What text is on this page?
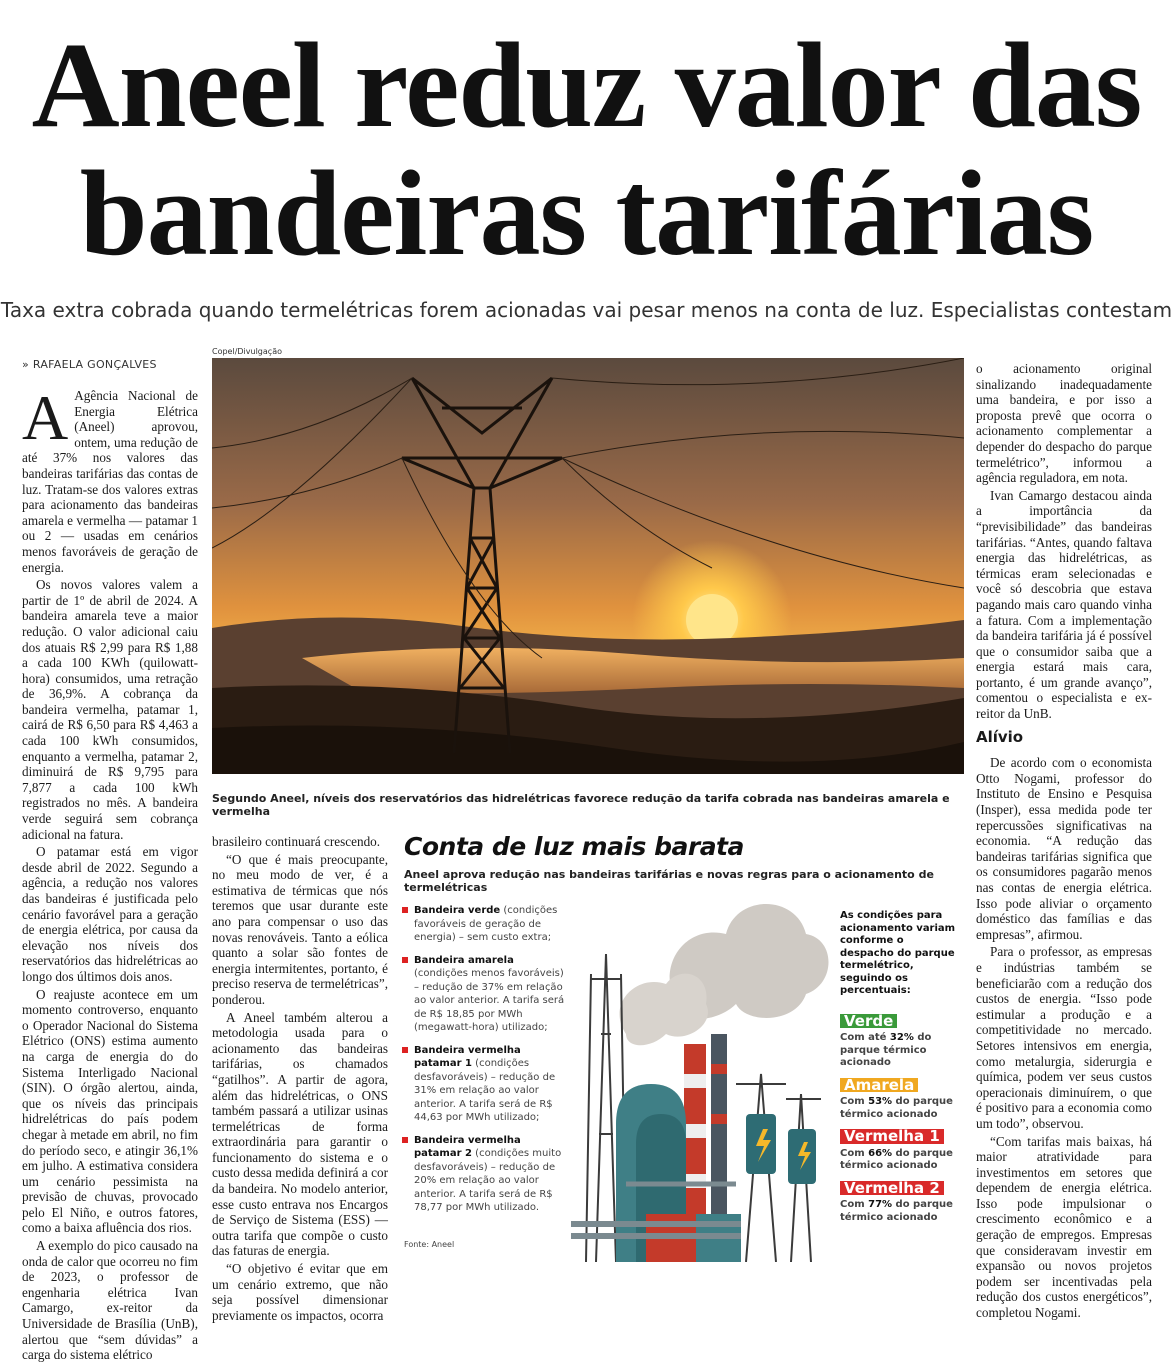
Aneel reduz valor das bandeiras tarifárias
Taxa extra cobrada quando termelétricas forem acionadas vai pesar menos na conta de luz. Especialistas contestam
» RAFAELA GONÇALVES

A Agência Nacional de Energia Elétrica (Aneel) aprovou, ontem, uma redução de até 37% nos valores das bandeiras tarifárias das contas de luz. Tratam-se dos valores extras para acionamento das bandeiras amarela e vermelha — patamar 1 ou 2 — usadas em cenários menos favoráveis de geração de energia.

Os novos valores valem a partir de 1º de abril de 2024. A bandeira amarela teve a maior redução. O valor adicional caiu dos atuais R$ 2,99 para R$ 1,88 a cada 100 KWh (quilowatt-hora) consumidos, uma retração de 36,9%. A cobrança da bandeira vermelha, patamar 1, cairá de R$ 6,50 para R$ 4,463 a cada 100 kWh consumidos, enquanto a vermelha, patamar 2, diminuirá de R$ 9,795 para 7,877 a cada 100 kWh registrados no mês. A bandeira verde seguirá sem cobrança adicional na fatura.

O patamar está em vigor desde abril de 2022. Segundo a agência, a redução nos valores das bandeiras é justificada pelo cenário favorável para a geração de energia elétrica, por causa da elevação nos níveis dos reservatórios das hidrelétricas ao longo dos últimos dois anos.

O reajuste acontece em um momento controverso, enquanto o Operador Nacional do Sistema Elétrico (ONS) estima aumento na carga de energia do do Sistema Interligado Nacional (SIN). O órgão alertou, ainda, que os níveis das principais hidrelétricas do país podem chegar à metade em abril, no fim do período seco, e atingir 36,1% em julho. A estimativa considera um cenário pessimista na previsão de chuvas, provocado pelo El Niño, e outros fatores, como a baixa afluência dos rios.

A exemplo do pico causado na onda de calor que ocorreu no fim de 2023, o professor de engenharia elétrica Ivan Camargo, ex-reitor da Universidade de Brasília (UnB), alertou que “sem dúvidas” a carga do sistema elétrico

Copel/Divulgação
Segundo Aneel, níveis dos reservatórios das hidrelétricas favorece redução da tarifa cobrada nas bandeiras amarela e vermelha

brasileiro continuará crescendo.

“O que é mais preocupante, no meu modo de ver, é a estimativa de térmicas que nós teremos que usar durante este ano para compensar o uso das novas renováveis. Tanto a eólica quanto a solar são fontes de energia intermitentes, portanto, é preciso reserva de termelétricas”, ponderou.

A Aneel também alterou a metodologia usada para o acionamento das bandeiras tarifárias, os chamados “gatilhos”. A partir de agora, além das hidrelétricas, o ONS também passará a utilizar usinas termelétricas de forma extraordinária para garantir o funcionamento do sistema e o custo dessa medida definirá a cor da bandeira. No modelo anterior, esse custo entrava nos Encargos de Serviço de Sistema (ESS) — outra tarifa que compõe o custo das faturas de energia.

“O objetivo é evitar que em um cenário extremo, que não seja possível dimensionar previamente os impactos, ocorra

Conta de luz mais barata
Aneel aprova redução nas bandeiras tarifárias e novas regras para o acionamento de termelétricas
Bandeira verde (condições favoráveis de geração de energia) – sem custo extra;
Bandeira amarela (condições menos favoráveis) – redução de 37% em relação ao valor anterior. A tarifa será de R$ 18,85 por MWh (megawatt-hora) utilizado;
Bandeira vermelha patamar 1 (condições desfavoráveis) – redução de 31% em relação ao valor anterior. A tarifa será de R$ 44,63 por MWh utilizado;
Bandeira vermelha patamar 2 (condições muito desfavoráveis) – redução de 20% em relação ao valor anterior. A tarifa será de R$ 78,77 por MWh utilizado.
As condições para acionamento variam conforme o despacho do parque termelétrico, seguindo os percentuais:
Verde
Com até 32% do parque térmico acionado
Amarela
Com 53% do parque térmico acionado
Vermelha 1
Com 66% do parque térmico acionado
Vermelha 2
Com 77% do parque térmico acionado
Fonte: Aneel

o acionamento original sinalizando inadequadamente uma bandeira, e por isso a proposta prevê que ocorra o acionamento complementar a depender do despacho do parque termelétrico”, informou a agência reguladora, em nota.

Ivan Camargo destacou ainda a importância da “previsibilidade” das bandeiras tarifárias. “Antes, quando faltava energia das hidrelétricas, as térmicas eram selecionadas e você só descobria que estava pagando mais caro quando vinha a fatura. Com a implementação da bandeira tarifária já é possível que o consumidor saiba que a energia estará mais cara, portanto, é um grande avanço”, comentou o especialista e ex-reitor da UnB.

Alívio

De acordo com o economista Otto Nogami, professor do Instituto de Ensino e Pesquisa (Insper), essa medida pode ter repercussões significativas na economia. “A redução das bandeiras tarifárias significa que os consumidores pagarão menos nas contas de energia elétrica. Isso pode aliviar o orçamento doméstico das famílias e das empresas”, afirmou.

Para o professor, as empresas e indústrias também se beneficiarão com a redução dos custos de energia. “Isso pode estimular a produção e a competitividade no mercado. Setores intensivos em energia, como metalurgia, siderurgia e química, podem ver seus custos operacionais diminuírem, o que é positivo para a economia como um todo”, observou.

“Com tarifas mais baixas, há maior atratividade para investimentos em setores que dependem de energia elétrica. Isso pode impulsionar o crescimento econômico e a geração de empregos. Empresas que consideravam investir em expansão ou novos projetos podem ser incentivadas pela redução dos custos energéticos”, completou Nogami.
